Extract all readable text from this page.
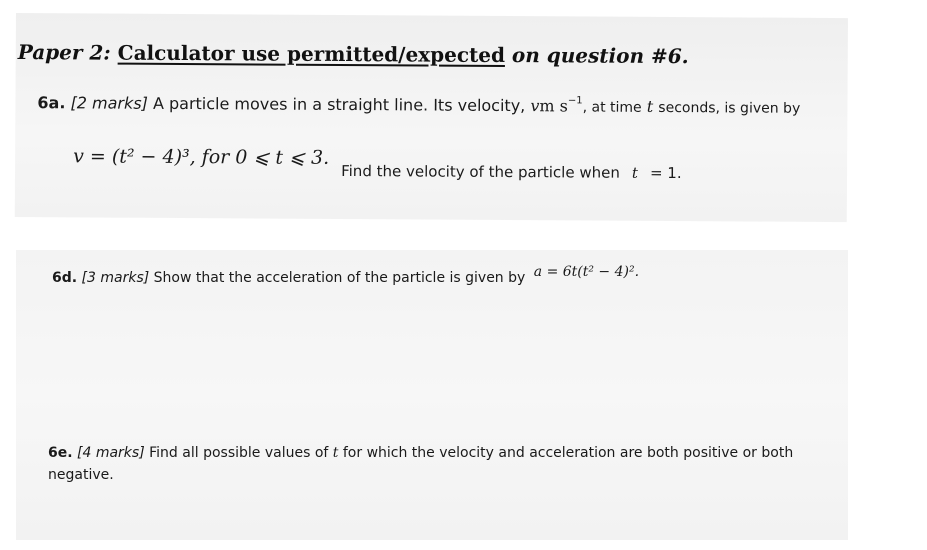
Paper 2: Calculator use permitted/expected on question #6.
6a. [2 marks] A particle moves in a straight line. Its velocity, vm $s^{-1}$, at time t seconds, is given by
v = (t² − 4)³, for 0 ⩽ t ⩽ 3. $_{Find the velocity of the particle when}$ $_t$ $_{= 1.}$
6d. [3 marks] Show that the acceleration of the particle is given by a = 6t(t² − 4)².
6e. [4 marks] Find all possible values of t for which the velocity and acceleration are both positive or both negative.
